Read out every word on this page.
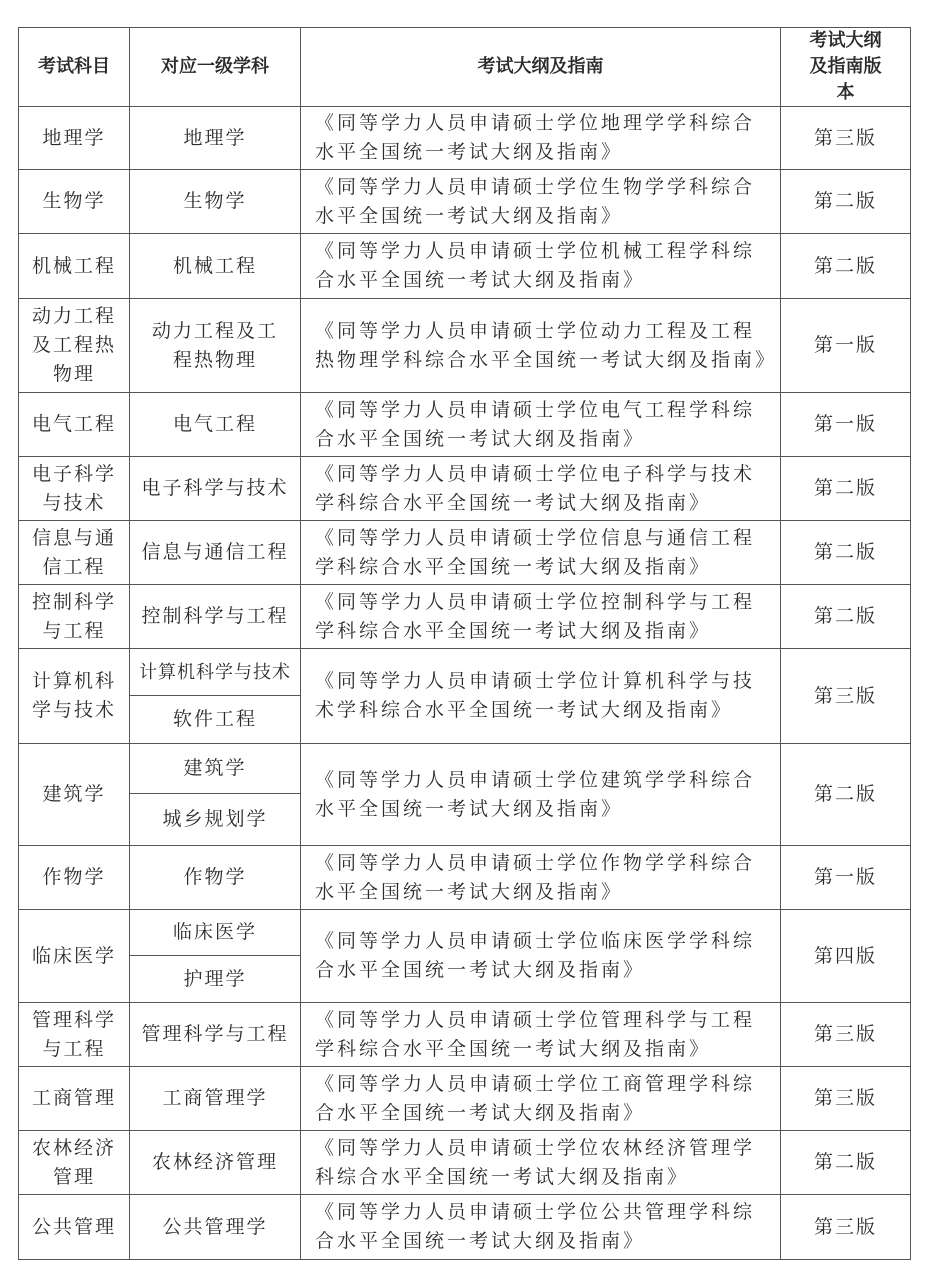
考试科目	对应一级学科	考试大纲及指南	考试大纲及指南版本
地理学	地理学	《同等学力人员申请硕士学位地理学学科综合水平全国统一考试大纲及指南》	第三版
生物学	生物学	《同等学力人员申请硕士学位生物学学科综合水平全国统一考试大纲及指南》	第二版
机械工程	机械工程	《同等学力人员申请硕士学位机械工程学科综合水平全国统一考试大纲及指南》	第二版
动力工程及工程热物理	动力工程及工程热物理	《同等学力人员申请硕士学位动力工程及工程热物理学科综合水平全国统一考试大纲及指南》	第一版
电气工程	电气工程	《同等学力人员申请硕士学位电气工程学科综合水平全国统一考试大纲及指南》	第一版
电子科学与技术	电子科学与技术	《同等学力人员申请硕士学位电子科学与技术学科综合水平全国统一考试大纲及指南》	第二版
信息与通信工程	信息与通信工程	《同等学力人员申请硕士学位信息与通信工程学科综合水平全国统一考试大纲及指南》	第二版
控制科学与工程	控制科学与工程	《同等学力人员申请硕士学位控制科学与工程学科综合水平全国统一考试大纲及指南》	第二版
计算机科学与技术	计算机科学与技术	《同等学力人员申请硕士学位计算机科学与技术学科综合水平全国统一考试大纲及指南》	第三版
	软件工程		
建筑学	建筑学	《同等学力人员申请硕士学位建筑学学科综合水平全国统一考试大纲及指南》	第二版
	城乡规划学		
作物学	作物学	《同等学力人员申请硕士学位作物学学科综合水平全国统一考试大纲及指南》	第一版
临床医学	临床医学	《同等学力人员申请硕士学位临床医学学科综合水平全国统一考试大纲及指南》	第四版
	护理学		
管理科学与工程	管理科学与工程	《同等学力人员申请硕士学位管理科学与工程学科综合水平全国统一考试大纲及指南》	第三版
工商管理	工商管理学	《同等学力人员申请硕士学位工商管理学科综合水平全国统一考试大纲及指南》	第三版
农林经济管理	农林经济管理	《同等学力人员申请硕士学位农林经济管理学科综合水平全国统一考试大纲及指南》	第二版
公共管理	公共管理学	《同等学力人员申请硕士学位公共管理学科综合水平全国统一考试大纲及指南》	第三版
